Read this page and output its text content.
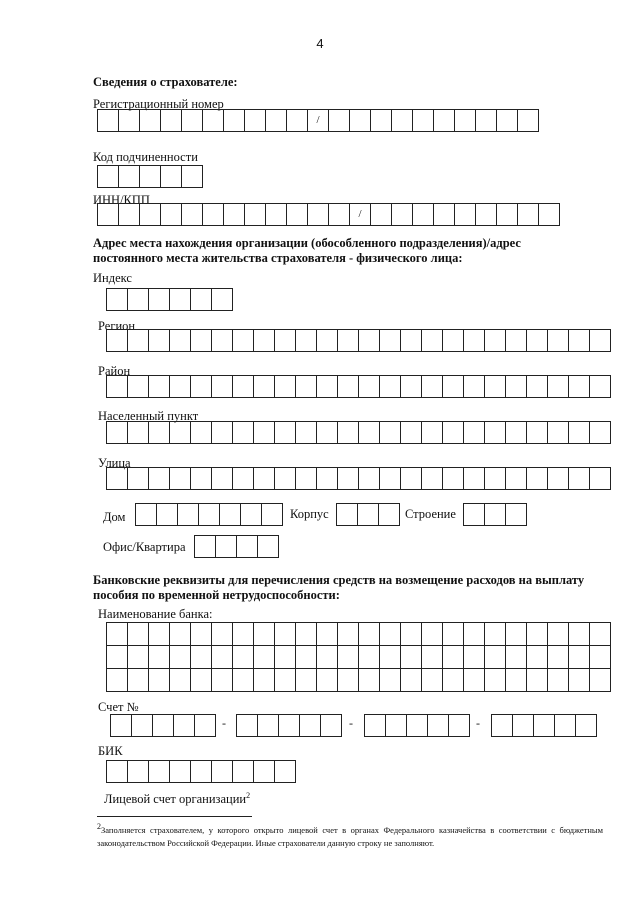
4
Сведения о страхователе:
Регистрационный номер
/
Код подчиненности
ИНН/КПП
/
Адрес места нахождения организации (обособленного подразделения)/адрес
постоянного места жительства страхователя - физического лица:
Индекс
Регион
Район
Населенный пункт
Улица
Дом	Корпус	Строение
Офис/Квартира
Банковские реквизиты для перечисления средств на возмещение расходов на выплату
пособия по временной нетрудоспособности:
Наименование банка:
Счет №
-	-	-
БИК
Лицевой счет организации$^2$
$^2$Заполняется страхователем, у которого открыто лицевой счет в органах Федерального казначейства в соответствии с бюджетным законодательством Российской Федерации. Иные страхователи данную строку не заполняют.
